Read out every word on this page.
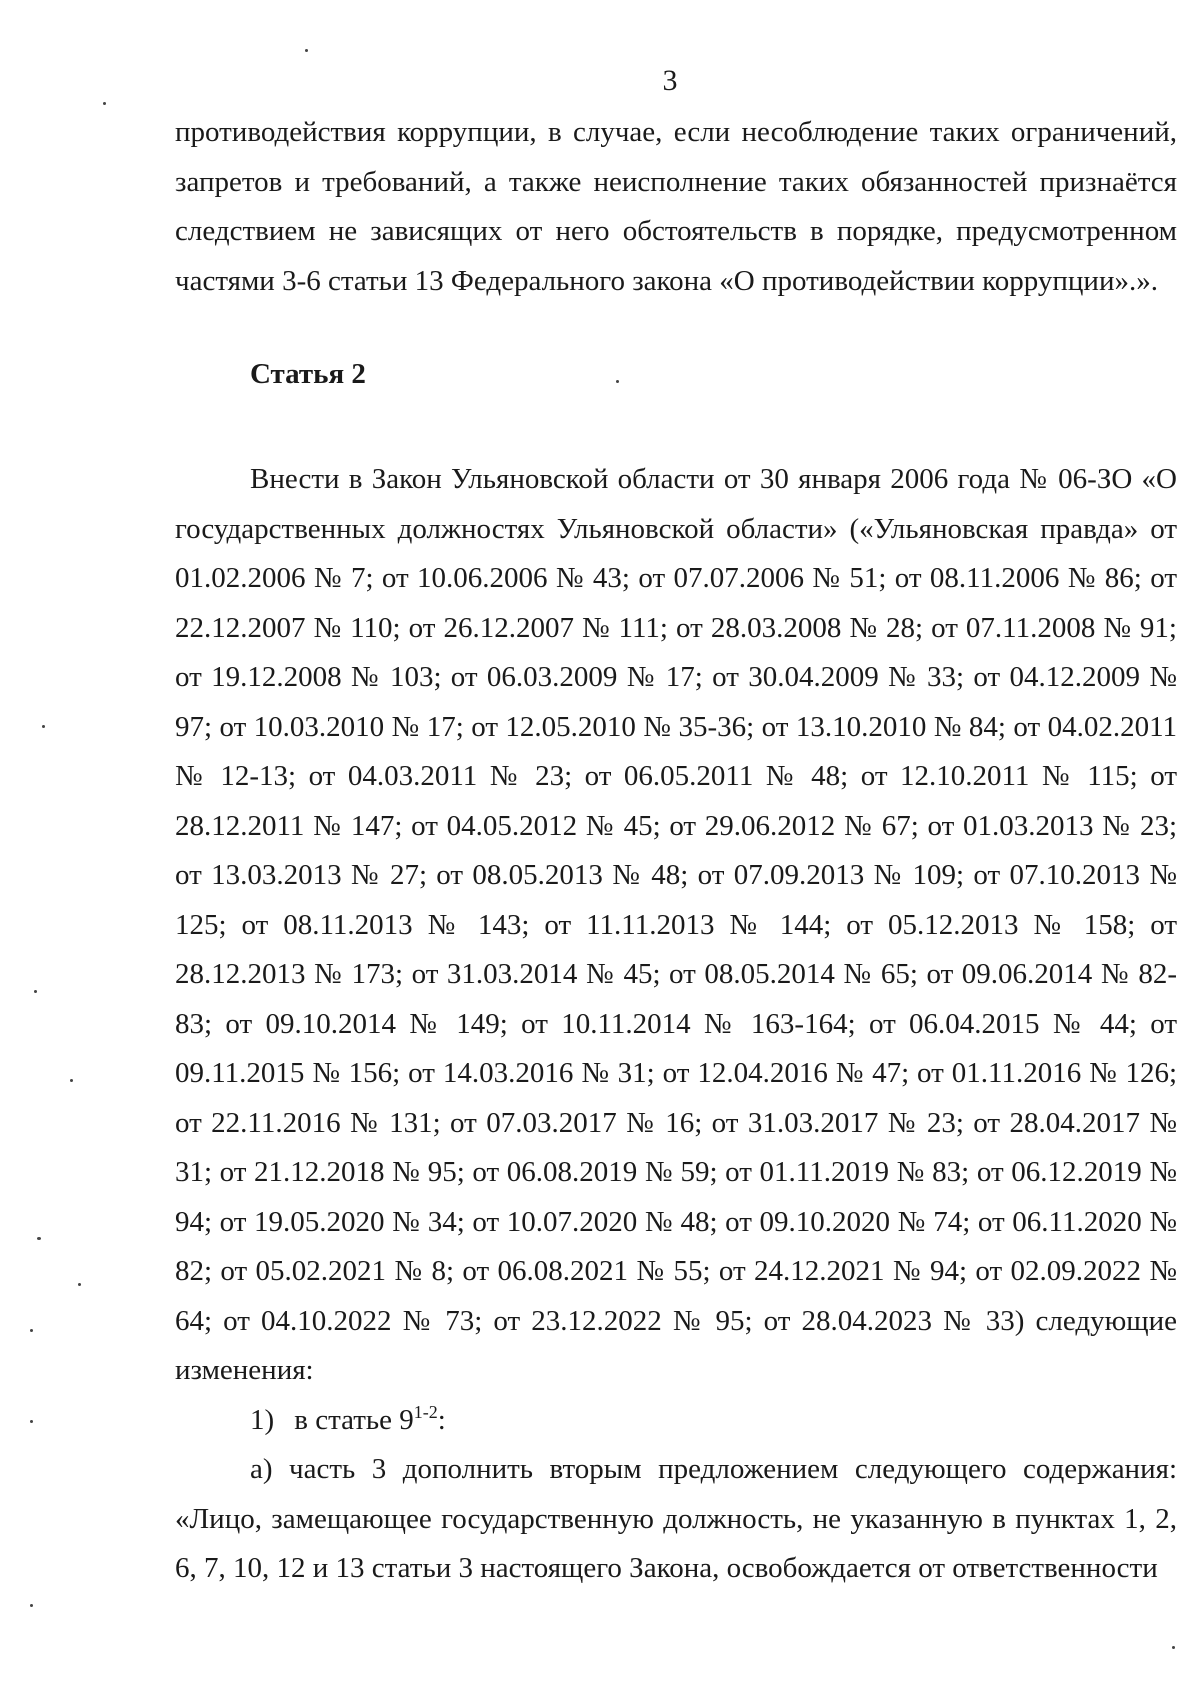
3

противодействия коррупции, в случае, если несоблюдение таких ограничений, запретов и требований, а также неисполнение таких обязанностей признаётся следствием не зависящих от него обстоятельств в порядке, предусмотренном частями 3-6 статьи 13 Федерального закона «О противодействии коррупции».».

Статья 2

Внести в Закон Ульяновской области от 30 января 2006 года № 06-ЗО «О государственных должностях Ульяновской области» («Ульяновская правда» от 01.02.2006 № 7; от 10.06.2006 № 43; от 07.07.2006 № 51; от 08.11.2006 № 86; от 22.12.2007 № 110; от 26.12.2007 № 111; от 28.03.2008 № 28; от 07.11.2008 № 91; от 19.12.2008 № 103; от 06.03.2009 № 17; от 30.04.2009 № 33; от 04.12.2009 № 97; от 10.03.2010 № 17; от 12.05.2010 № 35-36; от 13.10.2010 № 84; от 04.02.2011 № 12-13; от 04.03.2011 № 23; от 06.05.2011 № 48; от 12.10.2011 № 115; от 28.12.2011 № 147; от 04.05.2012 № 45; от 29.06.2012 № 67; от 01.03.2013 № 23; от 13.03.2013 № 27; от 08.05.2013 № 48; от 07.09.2013 № 109; от 07.10.2013 № 125; от 08.11.2013 № 143; от 11.11.2013 № 144; от 05.12.2013 № 158; от 28.12.2013 № 173; от 31.03.2014 № 45; от 08.05.2014 № 65; от 09.06.2014 № 82-83; от 09.10.2014 № 149; от 10.11.2014 № 163-164; от 06.04.2015 № 44; от 09.11.2015 № 156; от 14.03.2016 № 31; от 12.04.2016 № 47; от 01.11.2016 № 126; от 22.11.2016 № 131; от 07.03.2017 № 16; от 31.03.2017 № 23; от 28.04.2017 № 31; от 21.12.2018 № 95; от 06.08.2019 № 59; от 01.11.2019 № 83; от 06.12.2019 № 94; от 19.05.2020 № 34; от 10.07.2020 № 48; от 09.10.2020 № 74; от 06.11.2020 № 82; от 05.02.2021 № 8; от 06.08.2021 № 55; от 24.12.2021 № 94; от 02.09.2022 № 64; от 04.10.2022 № 73; от 23.12.2022 № 95; от 28.04.2023 № 33) следующие изменения:

1) в статье 9$^{1-2}$:

а) часть 3 дополнить вторым предложением следующего содержания: «Лицо, замещающее государственную должность, не указанную в пунктах 1, 2, 6, 7, 10, 12 и 13 статьи 3 настоящего Закона, освобождается от ответственности
